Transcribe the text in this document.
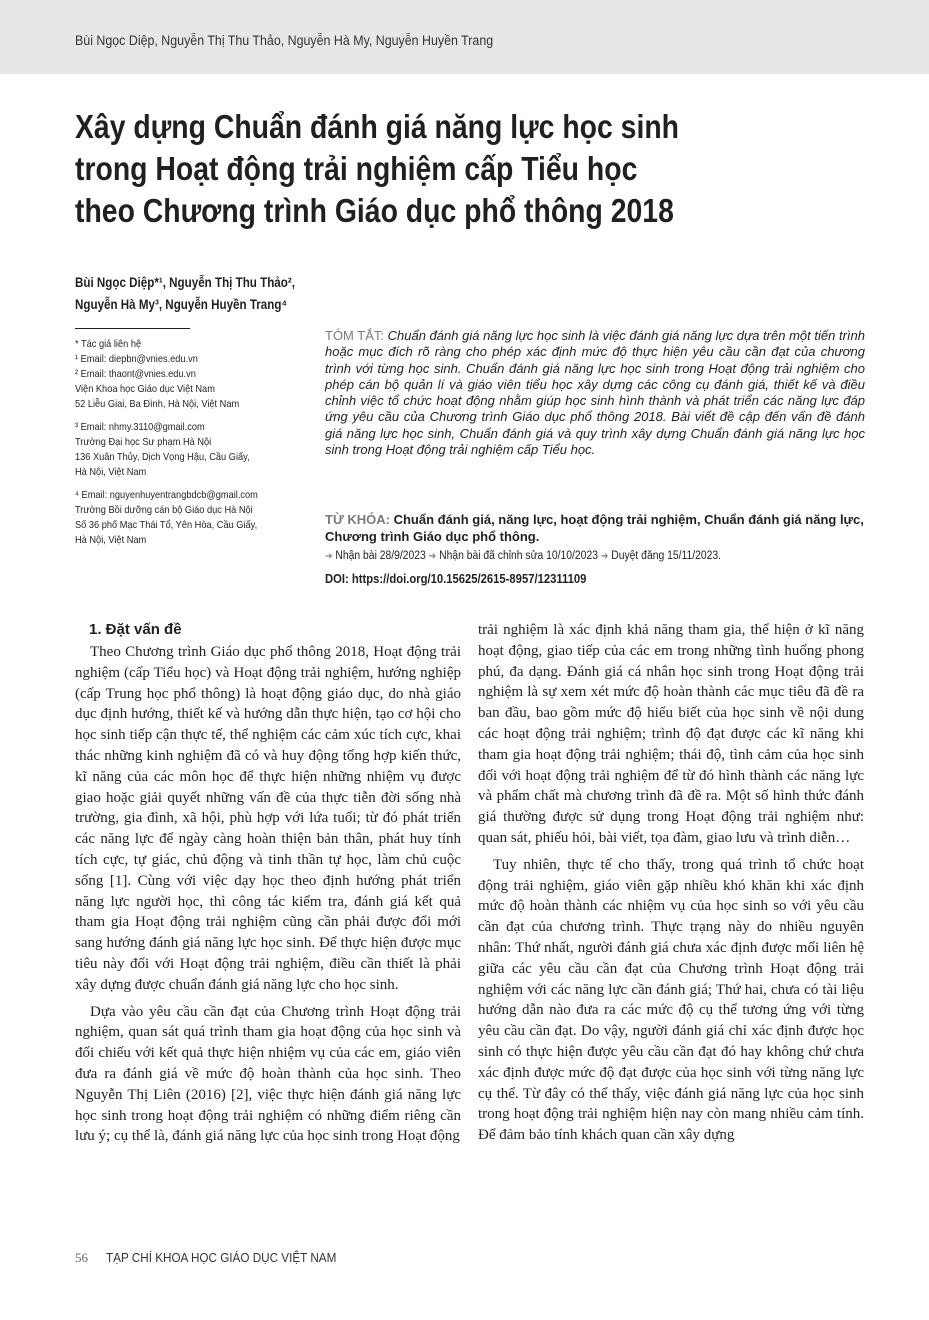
Bùi Ngọc Diệp, Nguyễn Thị Thu Thảo, Nguyễn Hà My, Nguyễn Huyền Trang
Xây dựng Chuẩn đánh giá năng lực học sinh
trong Hoạt động trải nghiệm cấp Tiểu học
theo Chương trình Giáo dục phổ thông 2018
Bùi Ngọc Diệp*¹, Nguyễn Thị Thu Thảo²,
Nguyễn Hà My³, Nguyễn Huyền Trang⁴
* Tác giả liên hệ
¹ Email: diepbn@vnies.edu.vn
² Email: thaont@vnies.edu.vn
Viện Khoa học Giáo dục Việt Nam
52 Liễu Giai, Ba Đình, Hà Nội, Việt Nam
³ Email: nhmy.3110@gmail.com
Trường Đại học Sư phạm Hà Nội
136 Xuân Thủy, Dịch Vọng Hậu, Cầu Giấy,
Hà Nội, Việt Nam
⁴ Email: nguyenhuyentrangbdcb@gmail.com
Trường Bồi dưỡng cán bộ Giáo dục Hà Nội
Số 36 phố Mạc Thái Tổ, Yên Hòa, Cầu Giấy,
Hà Nội, Việt Nam
TÓM TẮT: Chuẩn đánh giá năng lực học sinh là việc đánh giá năng lực dựa trên một tiến trình hoặc mục đích rõ ràng cho phép xác định mức độ thực hiện yêu cầu cần đạt của chương trình với từng học sinh. Chuẩn đánh giá năng lực học sinh trong Hoạt động trải nghiệm cho phép cán bộ quản lí và giáo viên tiểu học xây dựng các công cụ đánh giá, thiết kế và điều chỉnh việc tổ chức hoạt động nhằm giúp học sinh hình thành và phát triển các năng lực đáp ứng yêu cầu của Chương trình Giáo dục phổ thông 2018. Bài viết đề cập đến vấn đề đánh giá năng lực học sinh, Chuẩn đánh giá và quy trình xây dựng Chuẩn đánh giá năng lực học sinh trong Hoạt động trải nghiệm cấp Tiểu học.
TỪ KHÓA: Chuẩn đánh giá, năng lực, hoạt động trải nghiệm, Chuẩn đánh giá năng lực, Chương trình Giáo dục phổ thông.
➔ Nhận bài 28/9/2023 ➔ Nhận bài đã chỉnh sửa 10/10/2023 ➔ Duyệt đăng 15/11/2023.
DOI: https://doi.org/10.15625/2615-8957/12311109
1. Đặt vấn đề

Theo Chương trình Giáo dục phổ thông 2018, Hoạt động trải nghiệm (cấp Tiểu học) và Hoạt động trải nghiệm, hướng nghiệp (cấp Trung học phổ thông) là hoạt động giáo dục, do nhà giáo dục định hướng, thiết kế và hướng dẫn thực hiện, tạo cơ hội cho học sinh tiếp cận thực tế, thể nghiệm các cảm xúc tích cực, khai thác những kinh nghiệm đã có và huy động tổng hợp kiến thức, kĩ năng của các môn học để thực hiện những nhiệm vụ được giao hoặc giải quyết những vấn đề của thực tiễn đời sống nhà trường, gia đình, xã hội, phù hợp với lứa tuổi; từ đó phát triển các năng lực để ngày càng hoàn thiện bản thân, phát huy tính tích cực, tự giác, chủ động và tinh thần tự học, làm chủ cuộc sống [1]. Cùng với việc dạy học theo định hướng phát triển năng lực người học, thì công tác kiểm tra, đánh giá kết quả tham gia Hoạt động trải nghiệm cũng cần phải được đổi mới sang hướng đánh giá năng lực học sinh. Để thực hiện được mục tiêu này đối với Hoạt động trải nghiệm, điều cần thiết là phải xây dựng được chuẩn đánh giá năng lực cho học sinh.

Dựa vào yêu cầu cần đạt của Chương trình Hoạt động trải nghiệm, quan sát quá trình tham gia hoạt động của học sinh và đối chiếu với kết quả thực hiện nhiệm vụ của các em, giáo viên đưa ra đánh giá về mức độ hoàn thành của học sinh. Theo Nguyễn Thị Liên (2016) [2], việc thực hiện đánh giá năng lực học sinh trong hoạt động trải nghiệm có những điểm riêng cần lưu ý; cụ thể là, đánh giá năng lực của học sinh trong Hoạt động

trải nghiệm là xác định khả năng tham gia, thể hiện ở kĩ năng hoạt động, giao tiếp của các em trong những tình huống phong phú, đa dạng. Đánh giá cá nhân học sinh trong Hoạt động trải nghiệm là sự xem xét mức độ hoàn thành các mục tiêu đã đề ra ban đầu, bao gồm mức độ hiểu biết của học sinh về nội dung các hoạt động trải nghiệm; trình độ đạt được các kĩ năng khi tham gia hoạt động trải nghiệm; thái độ, tình cảm của học sinh đối với hoạt động trải nghiệm để từ đó hình thành các năng lực và phẩm chất mà chương trình đã đề ra. Một số hình thức đánh giá thường được sử dụng trong Hoạt động trải nghiệm như: quan sát, phiếu hỏi, bài viết, tọa đàm, giao lưu và trình diễn…

Tuy nhiên, thực tế cho thấy, trong quá trình tổ chức hoạt động trải nghiệm, giáo viên gặp nhiều khó khăn khi xác định mức độ hoàn thành các nhiệm vụ của học sinh so với yêu cầu cần đạt của chương trình. Thực trạng này do nhiều nguyên nhân: Thứ nhất, người đánh giá chưa xác định được mối liên hệ giữa các yêu cầu cần đạt của Chương trình Hoạt động trải nghiệm với các năng lực cần đánh giá; Thứ hai, chưa có tài liệu hướng dẫn nào đưa ra các mức độ cụ thể tương ứng với từng yêu cầu cần đạt. Do vậy, người đánh giá chỉ xác định được học sinh có thực hiện được yêu cầu cần đạt đó hay không chứ chưa xác định được mức độ đạt được của học sinh với từng năng lực cụ thể. Từ đây có thể thấy, việc đánh giá năng lực của học sinh trong hoạt động trải nghiệm hiện nay còn mang nhiều cảm tính. Để đảm bảo tính khách quan cần xây dựng

56 TẠP CHÍ KHOA HỌC GIÁO DỤC VIỆT NAM
